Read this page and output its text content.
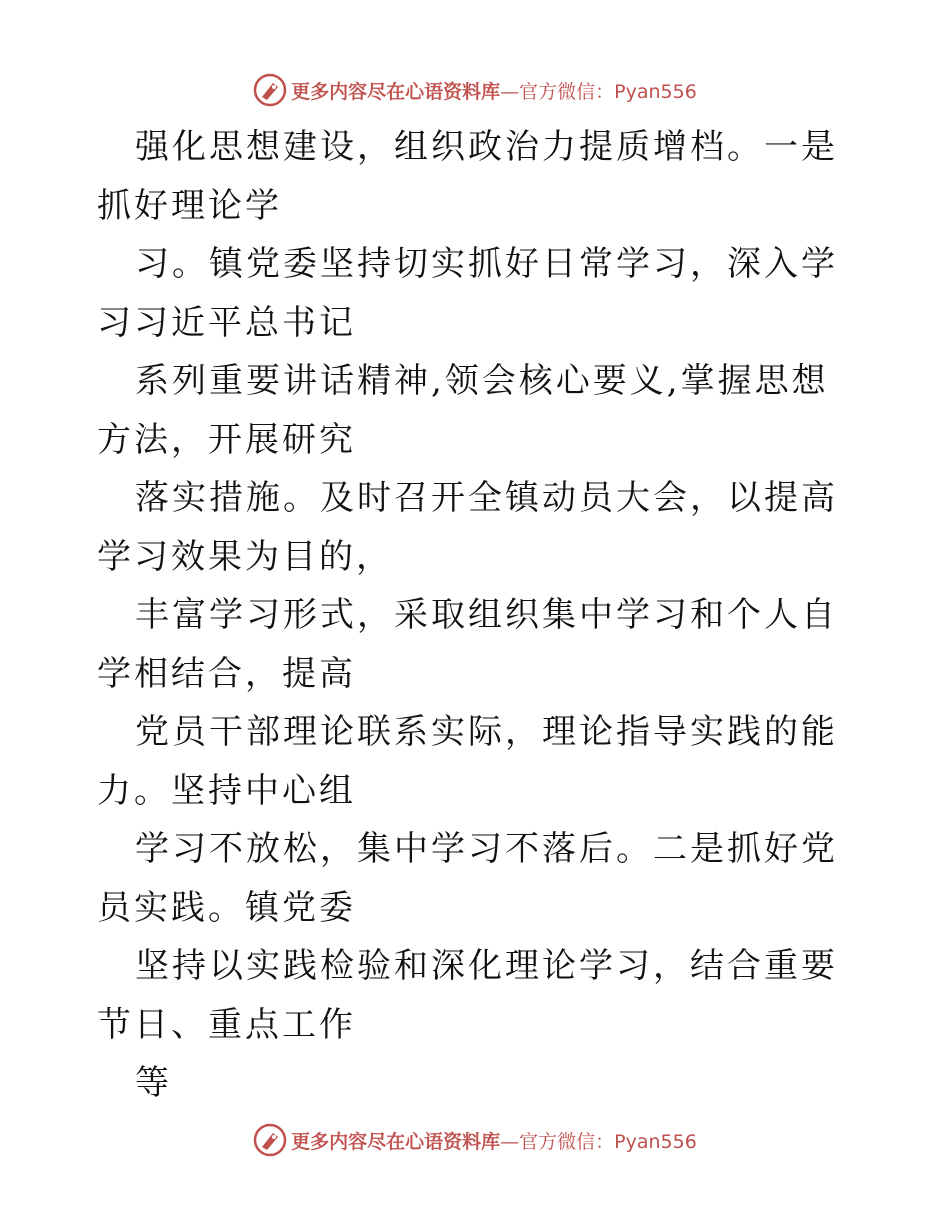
更多内容尽在心语资料库—官方微信：Pyan556

强化思想建设，组织政治力提质增档。一是抓好理论学

习。镇党委坚持切实抓好日常学习，深入学习习近平总书记

系列重要讲话精神,领会核心要义,掌握思想方法，开展研究

落实措施。及时召开全镇动员大会，以提高学习效果为目的，

丰富学习形式，采取组织集中学习和个人自学相结合，提高

党员干部理论联系实际，理论指导实践的能力。坚持中心组

学习不放松，集中学习不落后。二是抓好党员实践。镇党委

坚持以实践检验和深化理论学习，结合重要节日、重点工作

等

更多内容尽在心语资料库—官方微信：Pyan556
